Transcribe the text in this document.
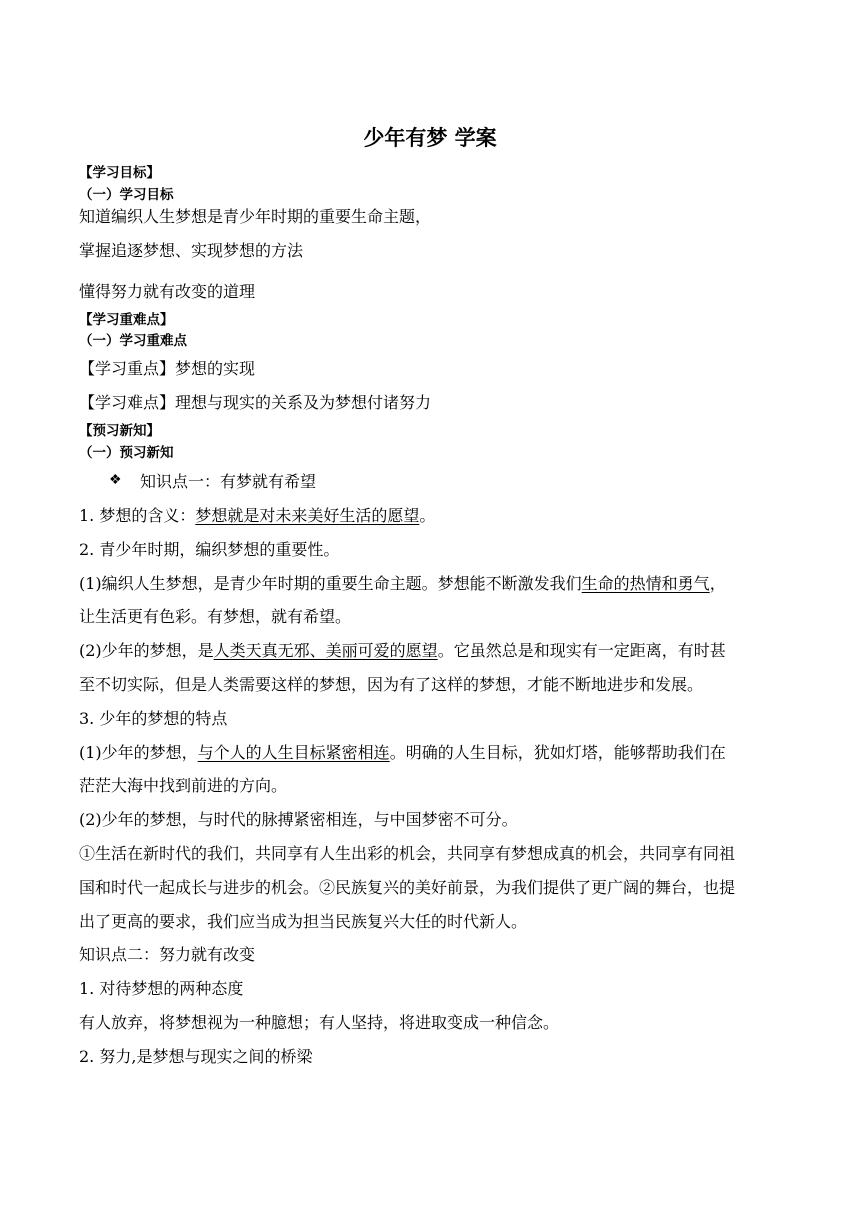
少年有梦 学案
【学习目标】
（一）学习目标
知道编织人生梦想是青少年时期的重要生命主题，
掌握追逐梦想、实现梦想的方法
懂得努力就有改变的道理
【学习重难点】
（一）学习重难点
【学习重点】梦想的实现
【学习难点】理想与现实的关系及为梦想付诸努力
【预习新知】
（一）预习新知
❖ 知识点一：有梦就有希望
1. 梦想的含义：梦想就是对未来美好生活的愿望。
2. 青少年时期，编织梦想的重要性。
(1)编织人生梦想，是青少年时期的重要生命主题。梦想能不断激发我们生命的热情和勇气，
让生活更有色彩。有梦想，就有希望。
(2)少年的梦想，是人类天真无邪、美丽可爱的愿望。它虽然总是和现实有一定距离，有时甚
至不切实际，但是人类需要这样的梦想，因为有了这样的梦想，才能不断地进步和发展。
3. 少年的梦想的特点
(1)少年的梦想，与个人的人生目标紧密相连。明确的人生目标，犹如灯塔，能够帮助我们在
茫茫大海中找到前进的方向。
(2)少年的梦想，与时代的脉搏紧密相连，与中国梦密不可分。
①生活在新时代的我们，共同享有人生出彩的机会，共同享有梦想成真的机会，共同享有同祖
国和时代一起成长与进步的机会。②民族复兴的美好前景，为我们提供了更广阔的舞台，也提
出了更高的要求，我们应当成为担当民族复兴大任的时代新人。
知识点二：努力就有改变
1. 对待梦想的两种态度
有人放弃，将梦想视为一种臆想；有人坚持，将进取变成一种信念。
2. 努力,是梦想与现实之间的桥梁
